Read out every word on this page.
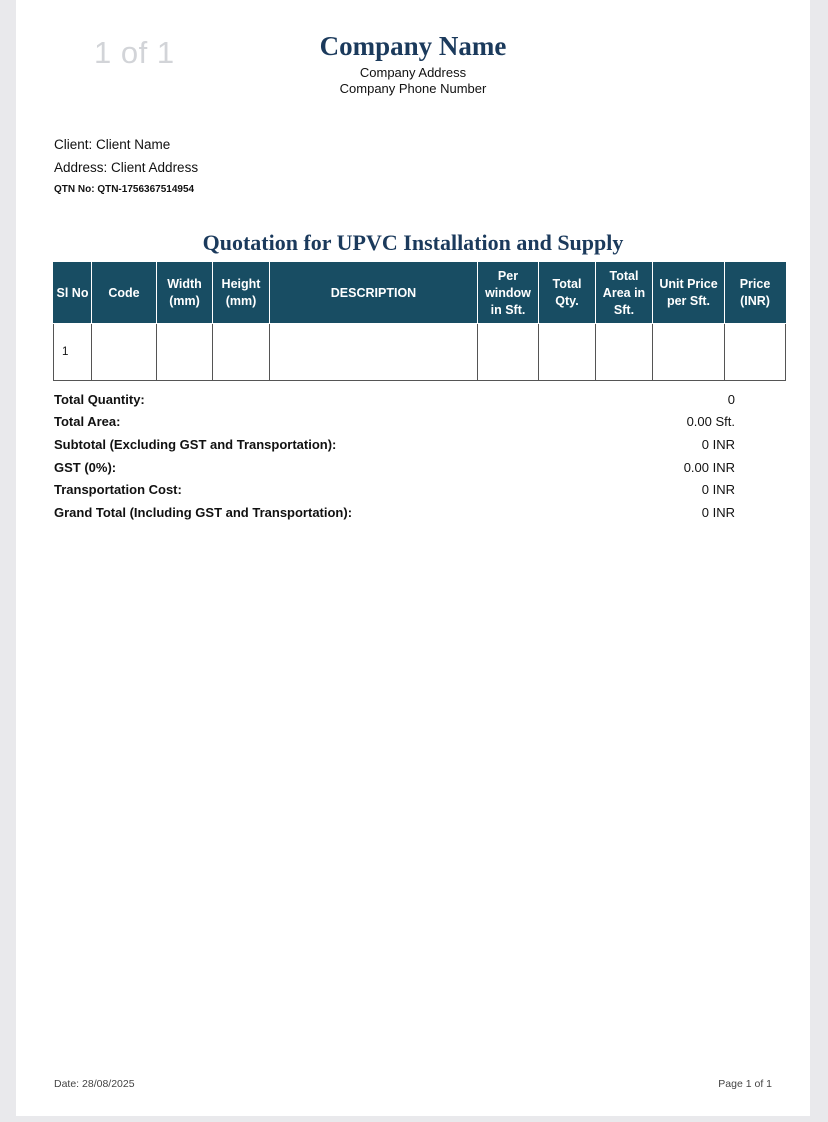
1 of 1	Company Name
Company Address
Company Phone Number
Client: Client Name
Address: Client Address
QTN No: QTN-1756367514954
Quotation for UPVC Installation and Supply
Sl No	Code	Width (mm)	Height (mm)	DESCRIPTION	Per window in Sft.	Total Qty.	Total Area in Sft.	Unit Price per Sft.	Price (INR)
1									
Total Quantity:	0
Total Area:	0.00 Sft.
Subtotal (Excluding GST and Transportation):	0 INR
GST (0%):	0.00 INR
Transportation Cost:	0 INR
Grand Total (Including GST and Transportation):	0 INR
Date: 28/08/2025	Page 1 of 1
